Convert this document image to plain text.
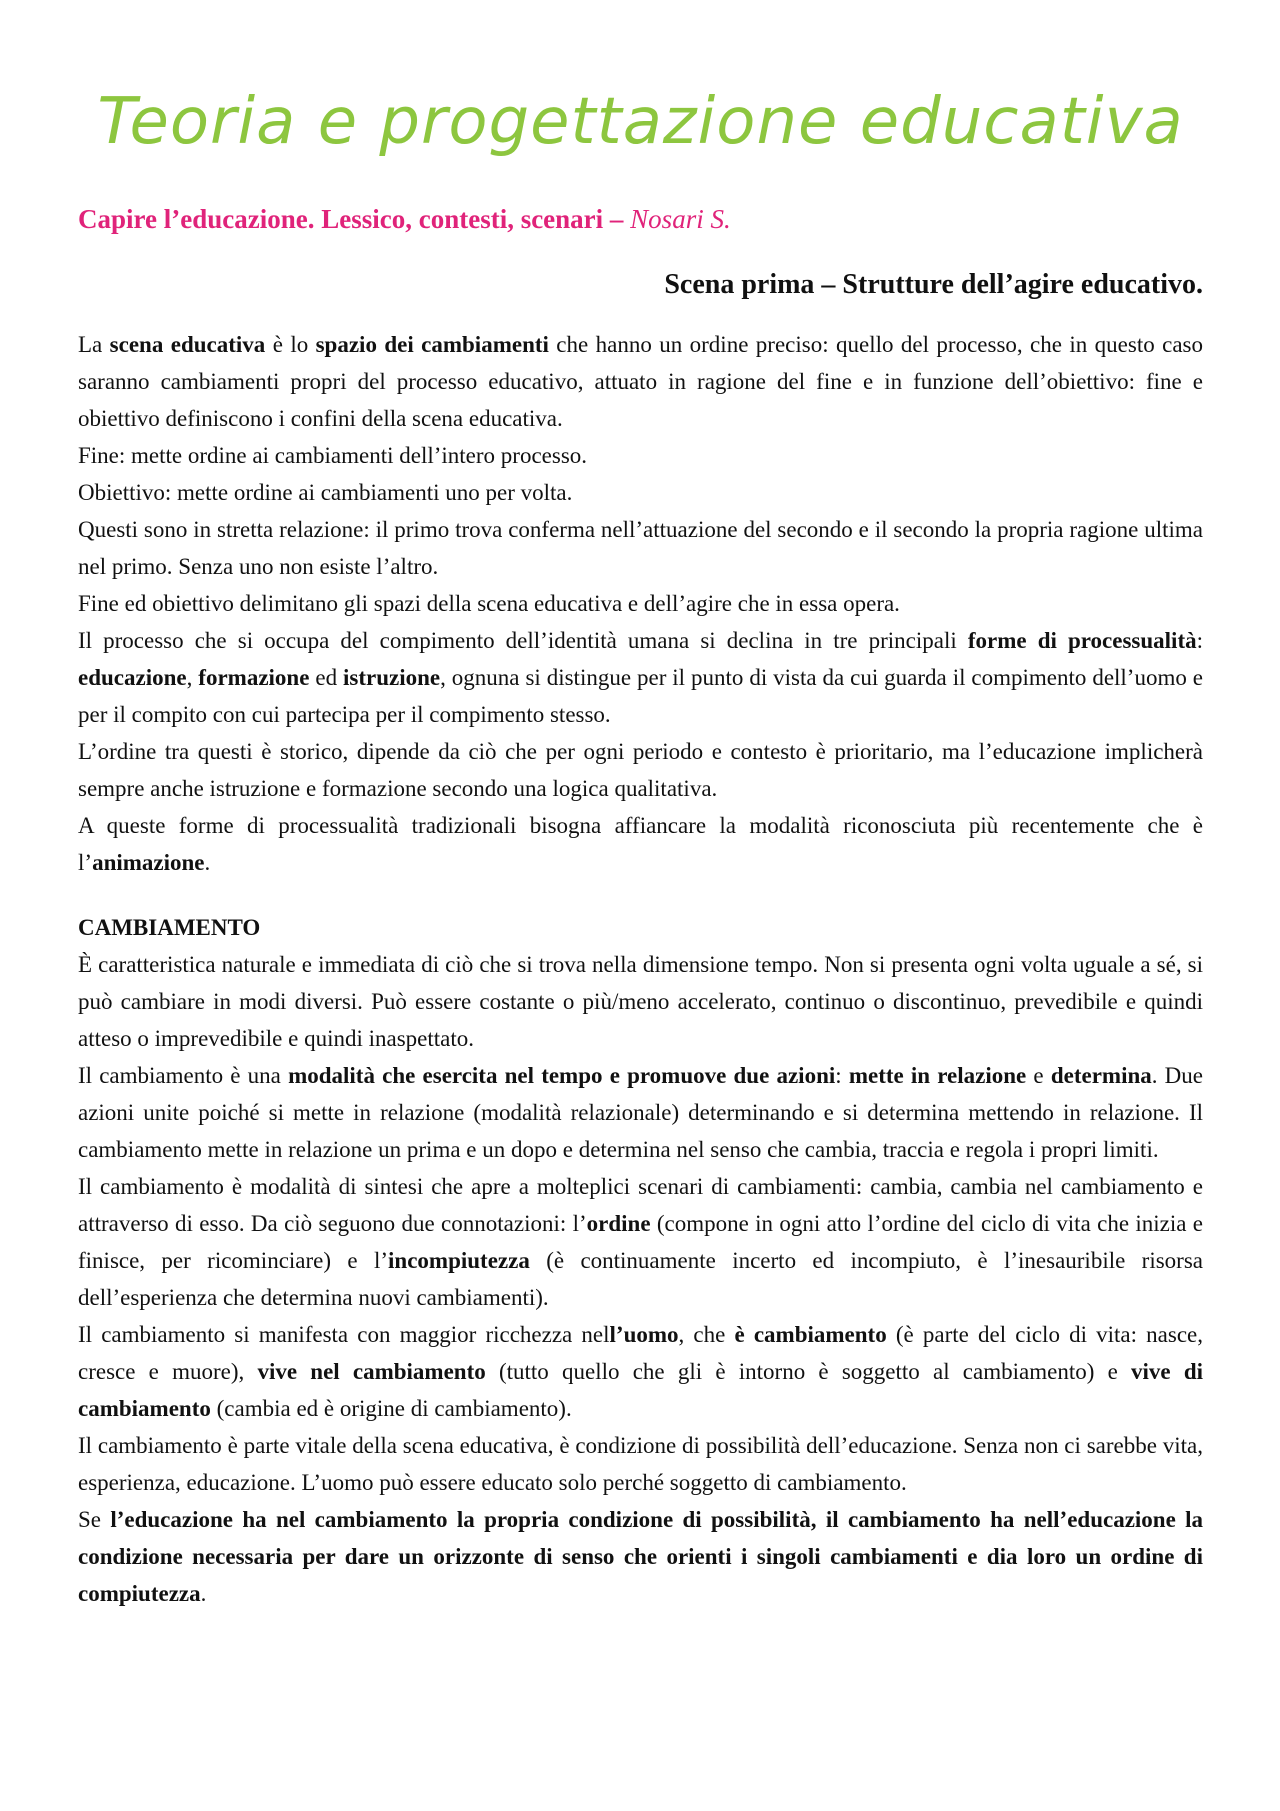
Teoria e progettazione educativa
Capire l’educazione. Lessico, contesti, scenari – Nosari S.
Scena prima – Strutture dell’agire educativo.

La scena educativa è lo spazio dei cambiamenti che hanno un ordine preciso: quello del processo, che in questo caso saranno cambiamenti propri del processo educativo, attuato in ragione del fine e in funzione dell’obiettivo: fine e obiettivo definiscono i confini della scena educativa.

Fine: mette ordine ai cambiamenti dell’intero processo.

Obiettivo: mette ordine ai cambiamenti uno per volta.

Questi sono in stretta relazione: il primo trova conferma nell’attuazione del secondo e il secondo la propria ragione ultima nel primo. Senza uno non esiste l’altro.

Fine ed obiettivo delimitano gli spazi della scena educativa e dell’agire che in essa opera.

Il processo che si occupa del compimento dell’identità umana si declina in tre principali forme di processualità: educazione, formazione ed istruzione, ognuna si distingue per il punto di vista da cui guarda il compimento dell’uomo e per il compito con cui partecipa per il compimento stesso.

L’ordine tra questi è storico, dipende da ciò che per ogni periodo e contesto è prioritario, ma l’educazione implicherà sempre anche istruzione e formazione secondo una logica qualitativa.

A queste forme di processualità tradizionali bisogna affiancare la modalità riconosciuta più recentemente che è l’animazione.

CAMBIAMENTO

È caratteristica naturale e immediata di ciò che si trova nella dimensione tempo. Non si presenta ogni volta uguale a sé, si può cambiare in modi diversi. Può essere costante o più/meno accelerato, continuo o discontinuo, prevedibile e quindi atteso o imprevedibile e quindi inaspettato.

Il cambiamento è una modalità che esercita nel tempo e promuove due azioni: mette in relazione e determina. Due azioni unite poiché si mette in relazione (modalità relazionale) determinando e si determina mettendo in relazione. Il cambiamento mette in relazione un prima e un dopo e determina nel senso che cambia, traccia e regola i propri limiti.

Il cambiamento è modalità di sintesi che apre a molteplici scenari di cambiamenti: cambia, cambia nel cambiamento e attraverso di esso. Da ciò seguono due connotazioni: l’ordine (compone in ogni atto l’ordine del ciclo di vita che inizia e finisce, per ricominciare) e l’incompiutezza (è continuamente incerto ed incompiuto, è l’inesauribile risorsa dell’esperienza che determina nuovi cambiamenti).

Il cambiamento si manifesta con maggior ricchezza nell’uomo, che è cambiamento (è parte del ciclo di vita: nasce, cresce e muore), vive nel cambiamento (tutto quello che gli è intorno è soggetto al cambiamento) e vive di cambiamento (cambia ed è origine di cambiamento).

Il cambiamento è parte vitale della scena educativa, è condizione di possibilità dell’educazione. Senza non ci sarebbe vita, esperienza, educazione. L’uomo può essere educato solo perché soggetto di cambiamento.

Se l’educazione ha nel cambiamento la propria condizione di possibilità, il cambiamento ha nell’educazione la condizione necessaria per dare un orizzonte di senso che orienti i singoli cambiamenti e dia loro un ordine di compiutezza.
